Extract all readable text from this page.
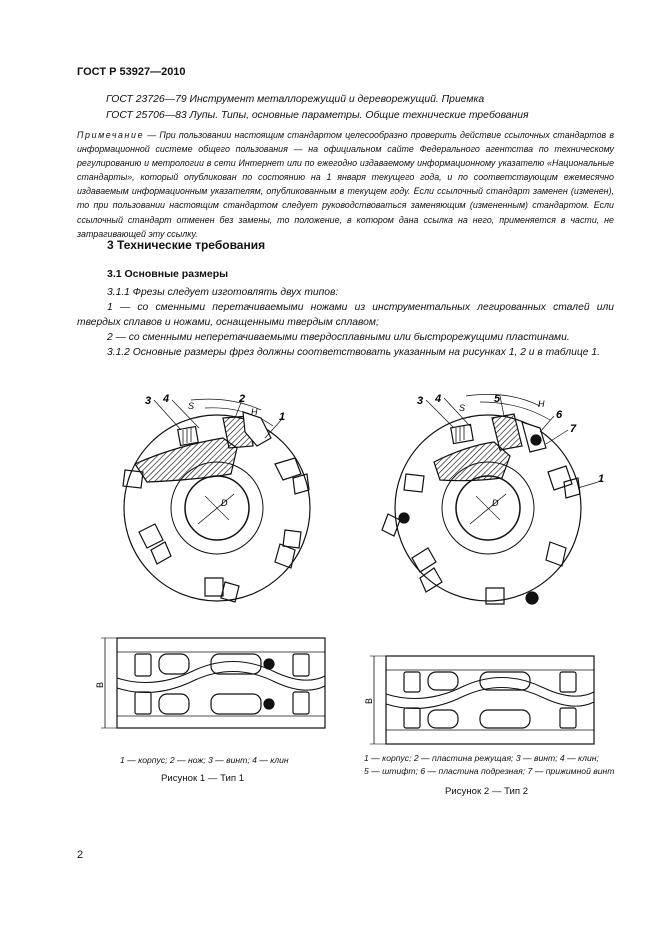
ГОСТ Р 53927—2010
ГОСТ 23726—79 Инструмент металлорежущий и дереворежущий. Приемка
ГОСТ 25706—83 Лупы. Типы, основные параметры. Общие технические требования
Примечание — При пользовании настоящим стандартом целесообразно проверить действие ссылочных стандартов в информационной системе общего пользования — на официальном сайте Федерального агентства по техническому регулированию и метрологии в сети Интернет или по ежегодно издаваемому информационному указателю «Национальные стандарты», который опубликован по состоянию на 1 января текущего года, и по соответствующим ежемесячно издаваемым информационным указателям, опубликованным в текущем году. Если ссылочный стандарт заменен (изменен), то при пользовании настоящим стандартом следует руководствоваться заменяющим (измененным) стандартом. Если ссылочный стандарт отменен без замены, то положение, в котором дана ссылка на него, применяется в части, не затрагивающей эту ссылку.
3 Технические требования
3.1 Основные размеры
3.1.1 Фрезы следует изготовлять двух типов:
1 — со сменными перетачиваемыми ножами из инструментальных легированных сталей или твердых сплавов и ножами, оснащенными твердым сплавом;
2 — со сменными неперетачиваемыми твердосплавными или быстрорежущими пластинами.
3.1.2 Основные размеры фрез должны соответствовать указанным на рисунках 1, 2 и в таблице 1.
3 4
S
2
H 1
D
B
1 — корпус; 2 — нож; 3 — винт; 4 — клин
Рисунок 1 — Тип 1
3 4
S
5	H
6
7
1
D
B
1 — корпус; 2 — пластина режущая; 3 — винт; 4 — клин;
5 — штифт; 6 — пластина подрезная; 7 — прижимной винт
Рисунок 2 — Тип 2
2
